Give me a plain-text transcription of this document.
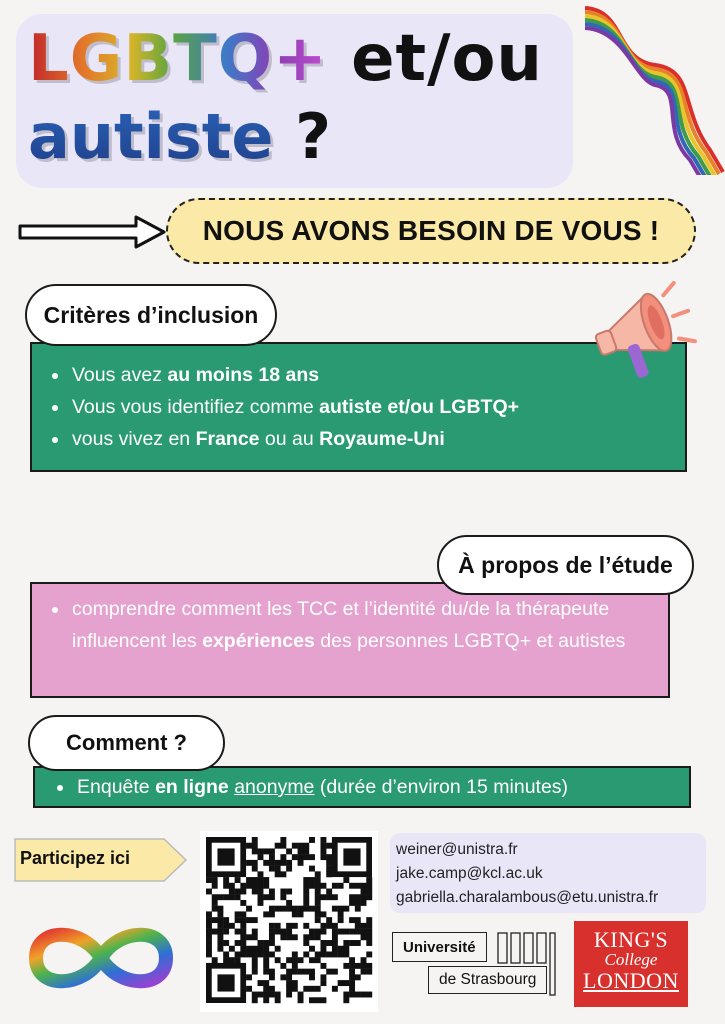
LGBTQ+ et/ou
autiste ?
NOUS AVONS BESOIN DE VOUS !
Critères d’inclusion
Vous avez au moins 18 ans
Vous vous identifiez comme autiste et/ou LGBTQ+
vous vivez en France ou au Royaume-Uni
À propos de l’étude
comprendre comment les TCC et l’identité du/de la thérapeute influencent les expériences des personnes LGBTQ+ et autistes
Comment ?
Enquête en ligne anonyme (durée d’environ 15 minutes)
Participez ici	weiner@unistra.fr
jake.camp@kcl.ac.uk
gabriella.charalambous@etu.unistra.fr
Université
de Strasbourg
KING'S
College
LONDON
